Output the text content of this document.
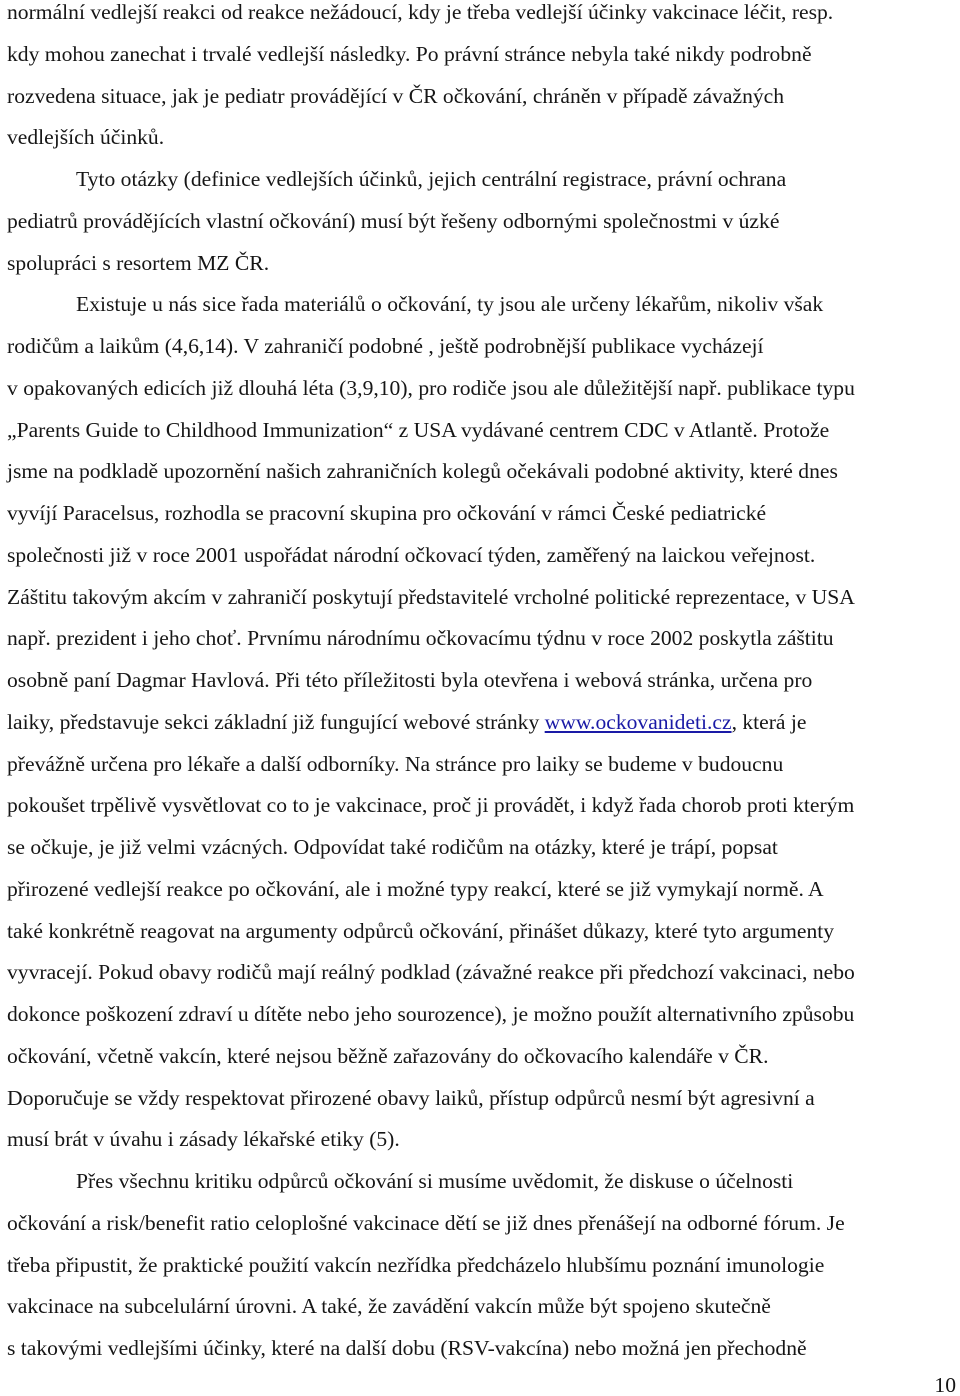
normální vedlejší reakci od reakce nežádoucí, kdy je třeba vedlejší účinky vakcinace léčit, resp.
kdy mohou zanechat i trvalé vedlejší následky. Po právní stránce nebyla také nikdy podrobně
rozvedena situace, jak je pediatr provádějící v ČR očkování, chráněn v případě závažných
vedlejších účinků.

Tyto otázky (definice vedlejších účinků, jejich centrální registrace, právní ochrana
pediatrů provádějících vlastní očkování) musí být řešeny odbornými společnostmi v úzké
spolupráci s resortem MZ ČR.

Existuje u nás sice řada materiálů o očkování, ty jsou ale určeny lékařům, nikoliv však
rodičům a laikům (4,6,14). V zahraničí podobné , ještě podrobnější publikace vycházejí
v opakovaných edicích již dlouhá léta (3,9,10), pro rodiče jsou ale důležitější např. publikace typu
„Parents Guide to Childhood Immunization“ z USA vydávané centrem CDC v Atlantě. Protože
jsme na podkladě upozornění našich zahraničních kolegů očekávali podobné aktivity, které dnes
vyvíjí Paracelsus, rozhodla se pracovní skupina pro očkování v rámci České pediatrické
společnosti již v roce 2001 uspořádat národní očkovací týden, zaměřený na laickou veřejnost.
Záštitu takovým akcím v zahraničí poskytují představitelé vrcholné politické reprezentace, v USA
např. prezident i jeho choť. Prvnímu národnímu očkovacímu týdnu v roce 2002 poskytla záštitu
osobně paní Dagmar Havlová. Při této příležitosti byla otevřena i webová stránka, určena pro
laiky, představuje sekci základní již fungující webové stránky www.ockovanideti.cz, která je
převážně určena pro lékaře a další odborníky. Na stránce pro laiky se budeme v budoucnu
pokoušet trpělivě vysvětlovat co to je vakcinace, proč ji provádět, i když řada chorob proti kterým
se očkuje, je již velmi vzácných. Odpovídat také rodičům na otázky, které je trápí, popsat
přirozené vedlejší reakce po očkování, ale i možné typy reakcí, které se již vymykají normě. A
také konkrétně reagovat na argumenty odpůrců očkování, přinášet důkazy, které tyto argumenty
vyvracejí. Pokud obavy rodičů mají reálný podklad (závažné reakce při předchozí vakcinaci, nebo
dokonce poškození zdraví u dítěte nebo jeho sourozence), je možno použít alternativního způsobu
očkování, včetně vakcín, které nejsou běžně zařazovány do očkovacího kalendáře v ČR.
Doporučuje se vždy respektovat přirozené obavy laiků, přístup odpůrců nesmí být agresivní a
musí brát v úvahu i zásady lékařské etiky (5).

Přes všechnu kritiku odpůrců očkování si musíme uvědomit, že diskuse o účelnosti
očkování a risk/benefit ratio celoplošné vakcinace dětí se již dnes přenášejí na odborné fórum. Je
třeba připustit, že praktické použití vakcín nezřídka předcházelo hlubšímu poznání imunologie
vakcinace na subcelulární úrovni. A také, že zavádění vakcín může být spojeno skutečně
s takovými vedlejšími účinky, které na další dobu (RSV-vakcína) nebo možná jen přechodně

10
